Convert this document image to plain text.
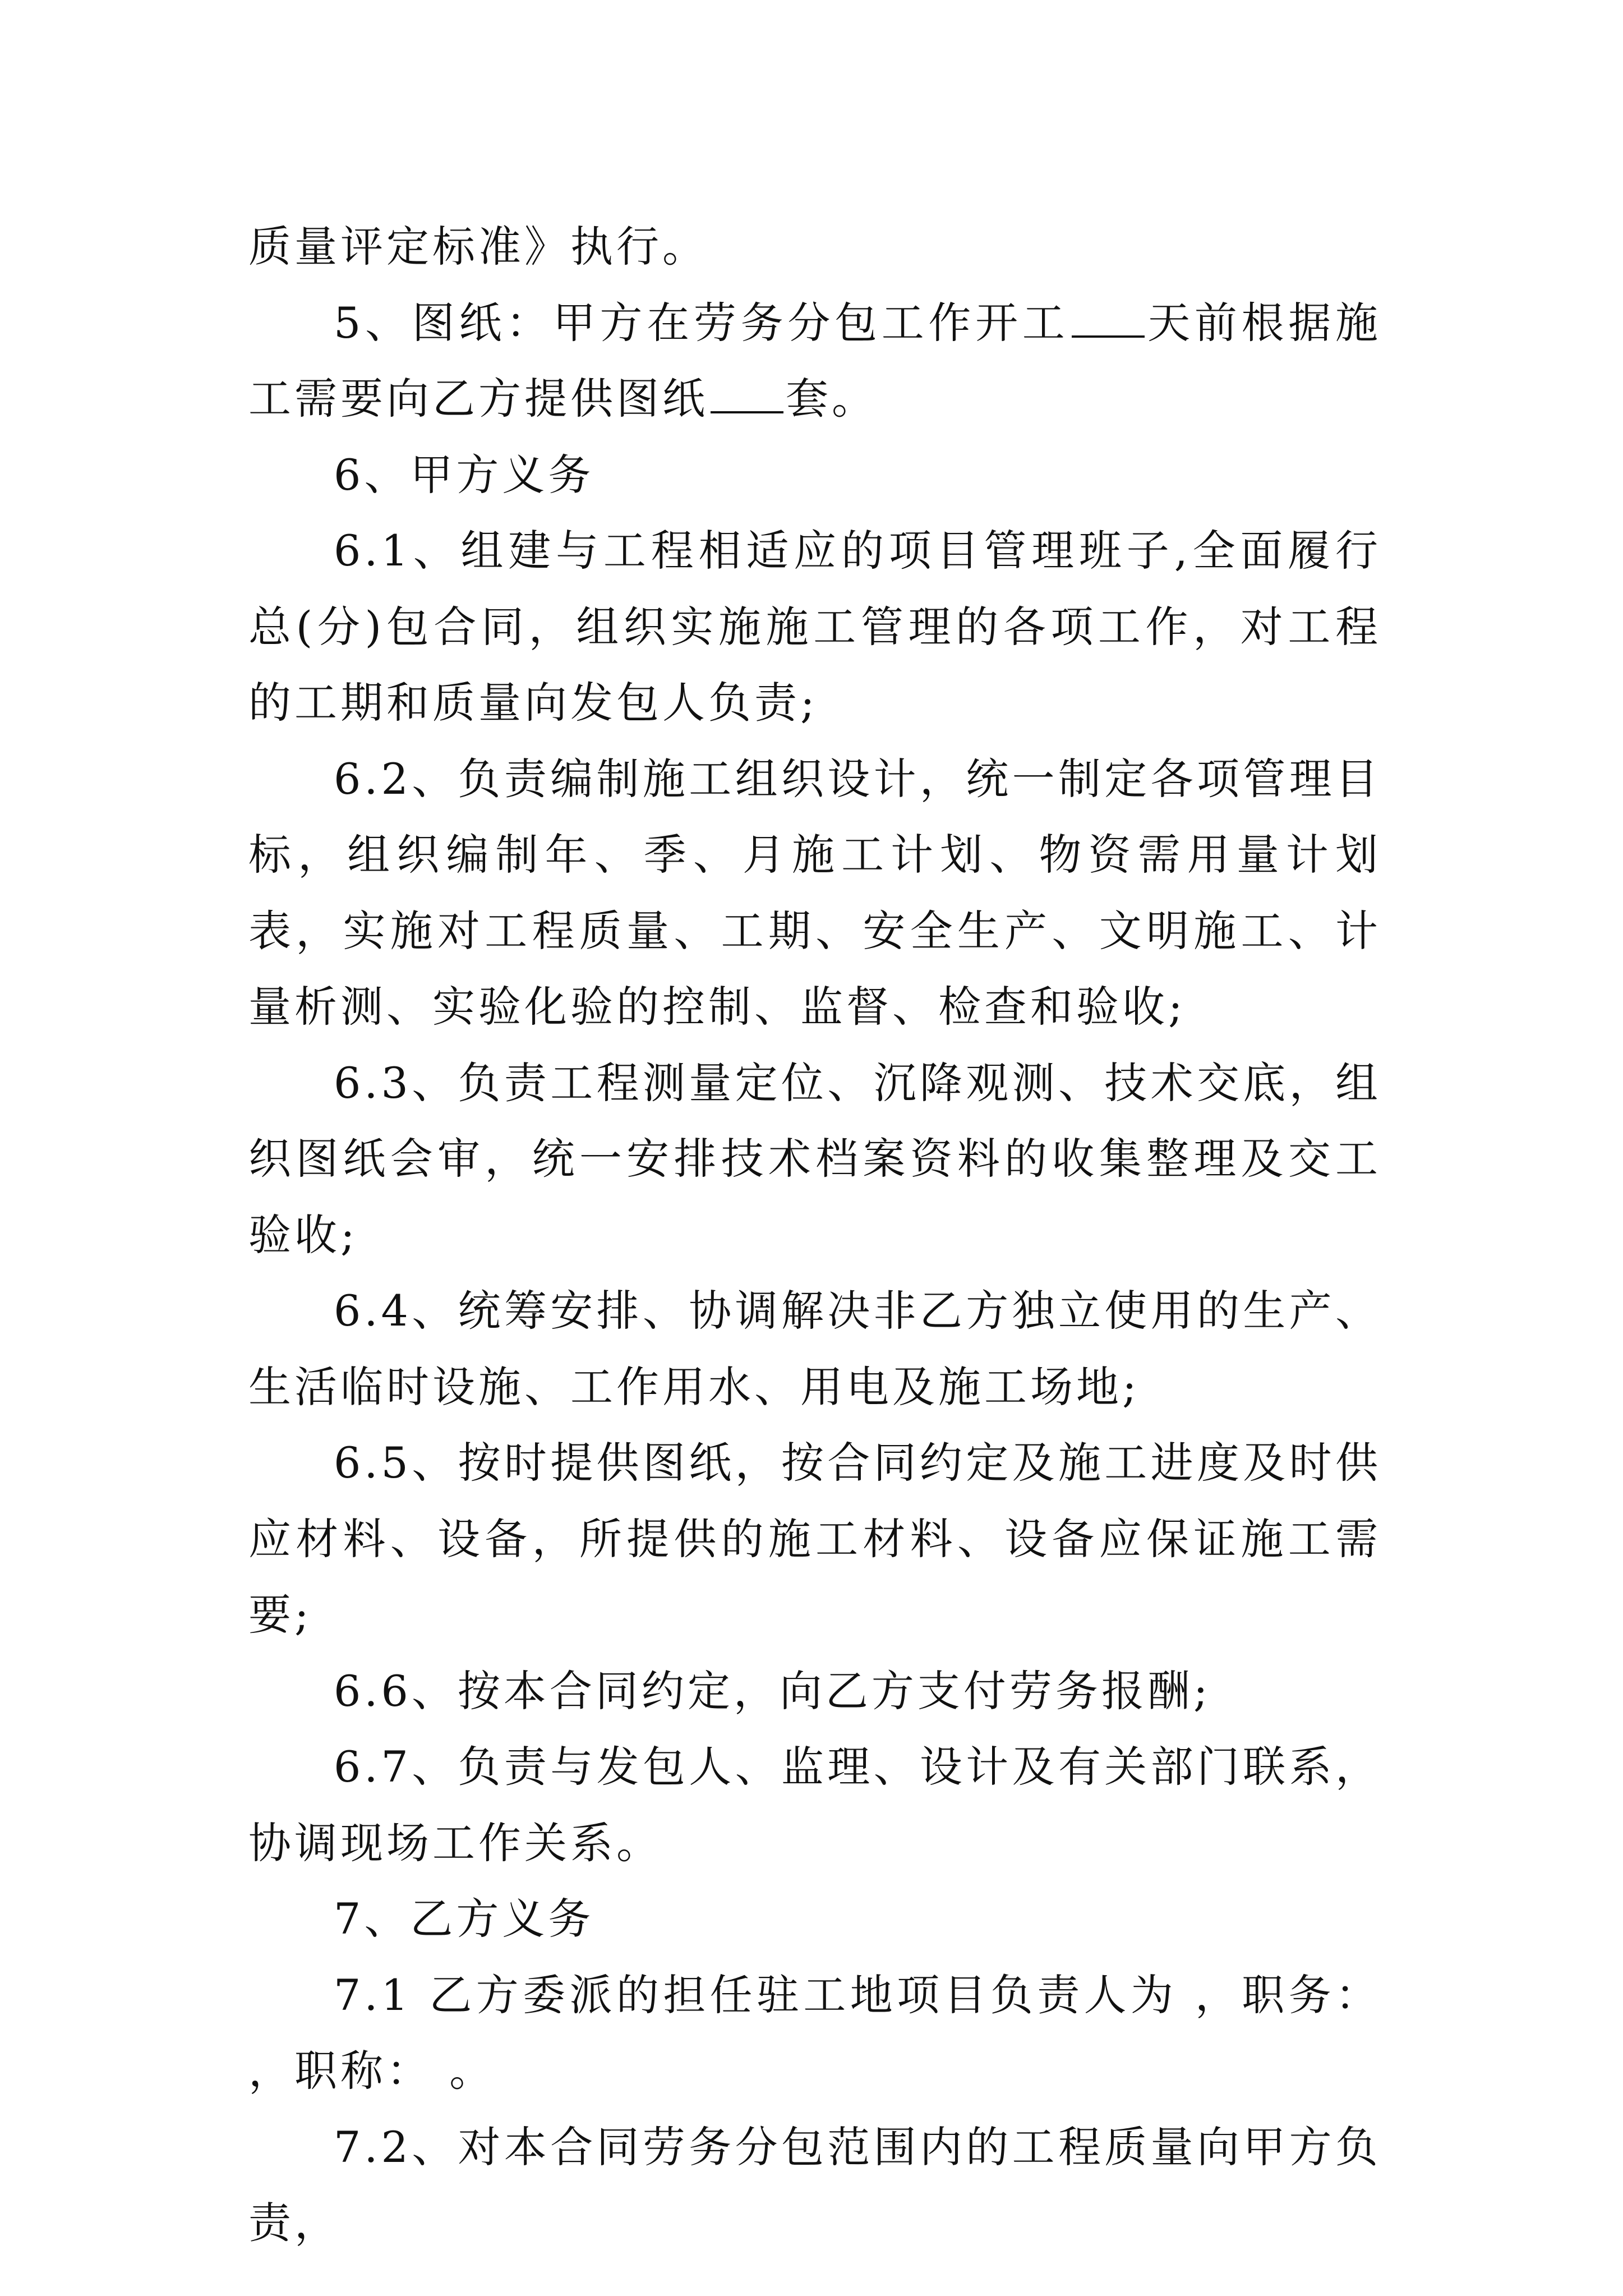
质量评定标准》执行。

5、图纸：甲方在劳务分包工作开工 天前根据施工需要向乙方提供图纸 套。

6、甲方义务

6.1、组建与工程相适应的项目管理班子,全面履行总(分)包合同，组织实施施工管理的各项工作，对工程的工期和质量向发包人负责;

6.2、负责编制施工组织设计，统一制定各项管理目标，组织编制年、季、月施工计划、物资需用量计划表，实施对工程质量、工期、安全生产、文明施工、计量析测、实验化验的控制、监督、检查和验收;

6.3、负责工程测量定位、沉降观测、技术交底，组织图纸会审，统一安排技术档案资料的收集整理及交工验收;

6.4、统筹安排、协调解决非乙方独立使用的生产、生活临时设施、工作用水、用电及施工场地;

6.5、按时提供图纸，按合同约定及施工进度及时供应材料、设备，所提供的施工材料、设备应保证施工需要;

6.6、按本合同约定，向乙方支付劳务报酬;

6.7、负责与发包人、监理、设计及有关部门联系，协调现场工作关系。

7、乙方义务

7.1 乙方委派的担任驻工地项目负责人为 ，职务： ，职称： 。

7.2、对本合同劳务分包范围内的工程质量向甲方负责，
